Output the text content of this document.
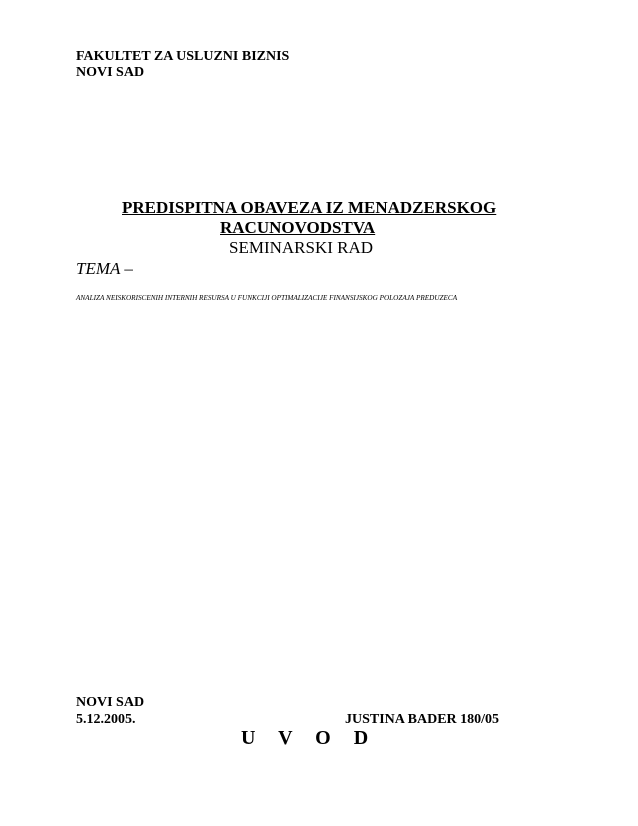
FAKULTET ZA USLUZNI BIZNIS
NOVI SAD
PREDISPITNA OBAVEZA IZ MENADZERSKOG
RACUNOVODSTVA
SEMINARSKI RAD
TEMA –
ANALIZA NEISKORISCENIH INTERNIH RESURSA U FUNKCIJI OPTIMALIZACIJE FINANSIJSKOG POLOZAJA PREDUZECA
NOVI SAD
5.12.2005.	JUSTINA BADER 180/05
U V O D
